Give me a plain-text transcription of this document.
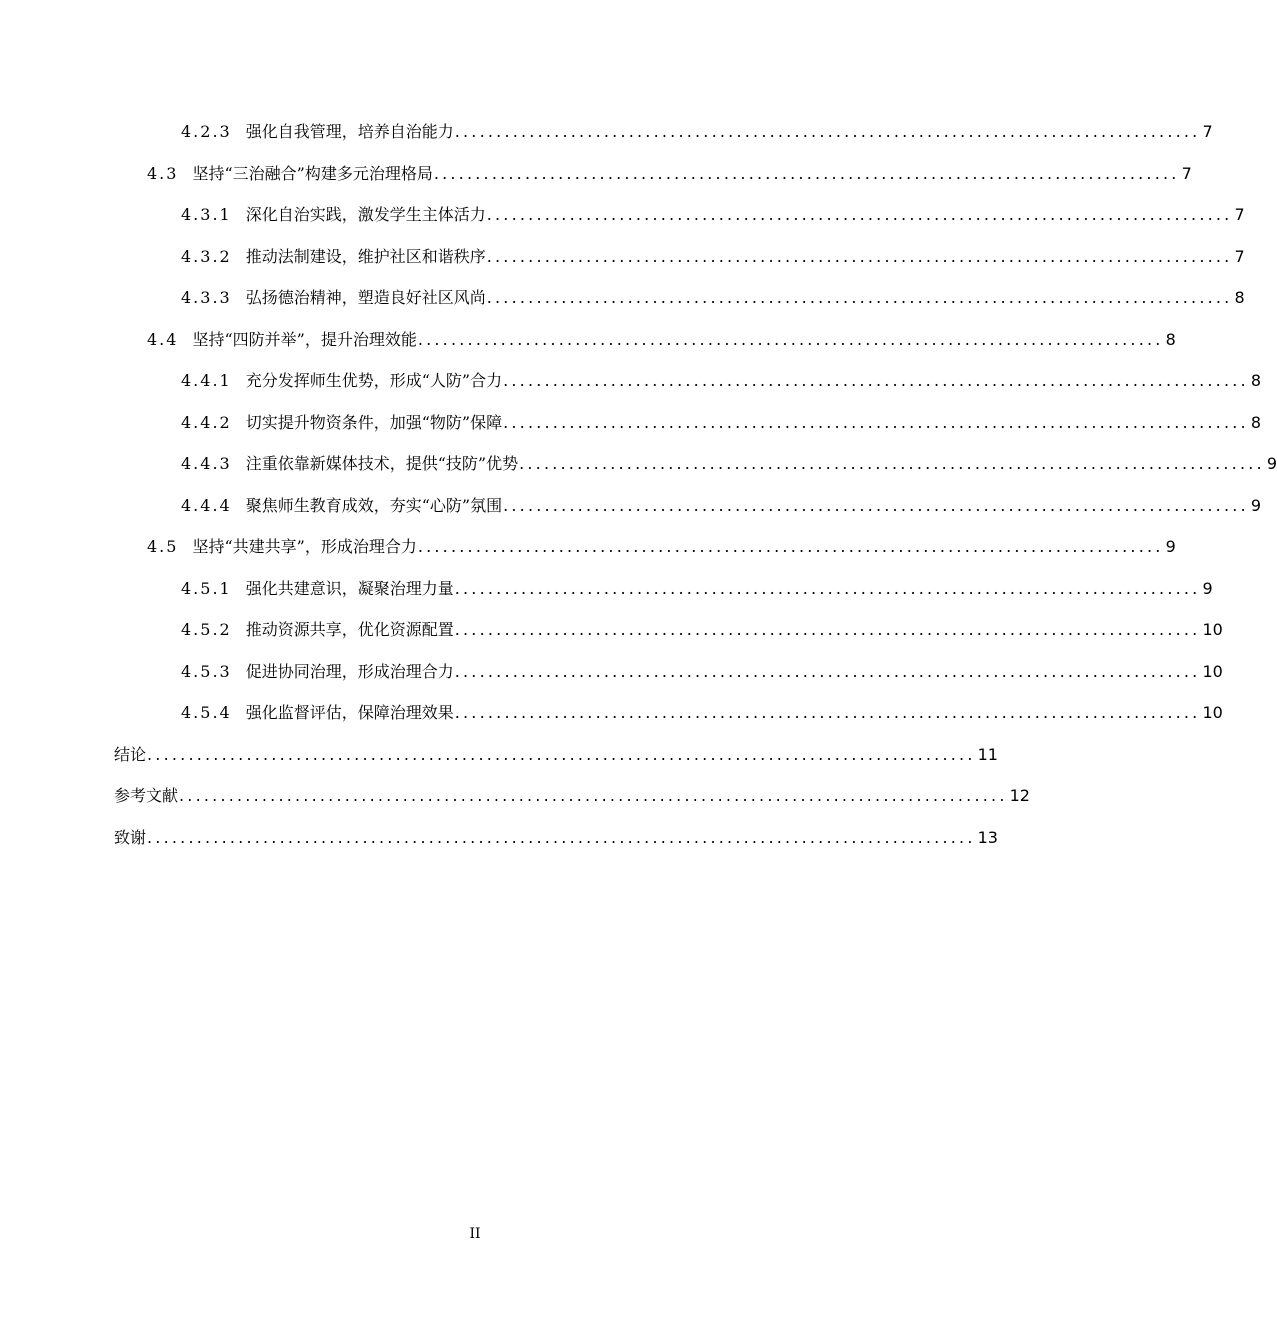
4.2.3 强化自我管理，培养自治能力 .......................................................................................... 7
4.3 坚持“三治融合”构建多元治理格局 .......................................................................................... 7
4.3.1 深化自治实践，激发学生主体活力 .......................................................................................... 7
4.3.2 推动法制建设，维护社区和谐秩序 .......................................................................................... 7
4.3.3 弘扬德治精神，塑造良好社区风尚 .......................................................................................... 8
4.4 坚持“四防并举”，提升治理效能 .......................................................................................... 8
4.4.1 充分发挥师生优势，形成“人防”合力 .......................................................................................... 8
4.4.2 切实提升物资条件，加强“物防”保障 .......................................................................................... 8
4.4.3 注重依靠新媒体技术，提供“技防”优势 .......................................................................................... 9
4.4.4 聚焦师生教育成效，夯实“心防”氛围 .......................................................................................... 9
4.5 坚持“共建共享”，形成治理合力 .......................................................................................... 9
4.5.1 强化共建意识，凝聚治理力量 .......................................................................................... 9
4.5.2 推动资源共享，优化资源配置 .......................................................................................... 10
4.5.3 促进协同治理，形成治理合力 .......................................................................................... 10
4.5.4 强化监督评估，保障治理效果 .......................................................................................... 10
结论 .................................................................................................... 11
参考文献 .................................................................................................... 12
致谢 .................................................................................................... 13
II
